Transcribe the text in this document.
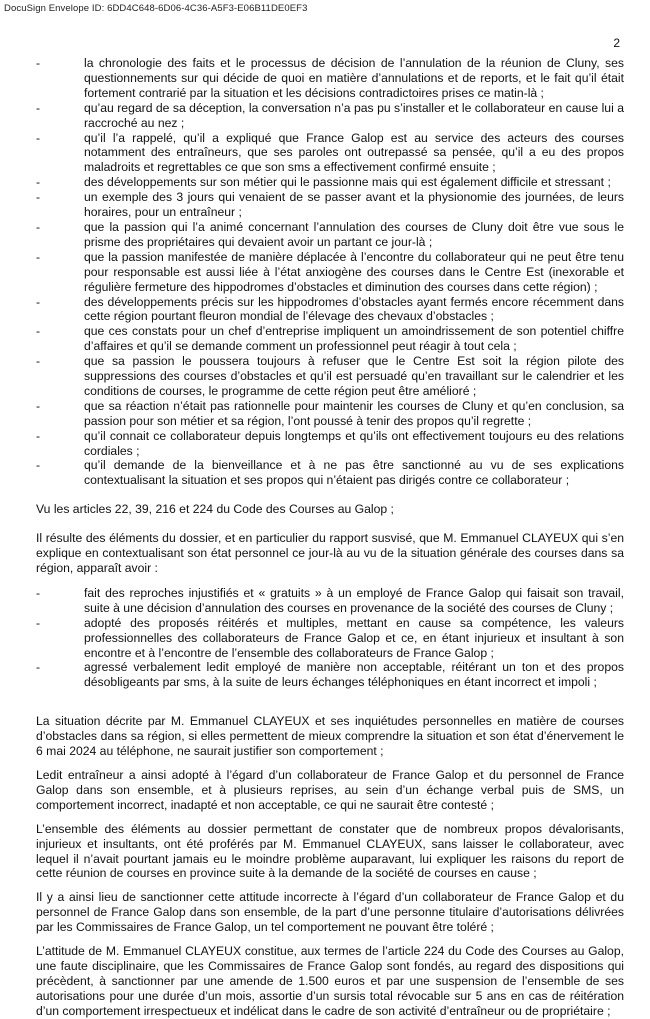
DocuSign Envelope ID: 6DD4C648-6D06-4C36-A5F3-E06B11DE0EF3
2
-	la chronologie des faits et le processus de décision de l’annulation de la réunion de Cluny, ses questionnements sur qui décide de quoi en matière d’annulations et de reports, et le fait qu’il était fortement contrarié par la situation et les décisions contradictoires prises ce matin-là ;
-	qu’au regard de sa déception, la conversation n’a pas pu s’installer et le collaborateur en cause lui a raccroché au nez ;
-	qu’il l’a rappelé, qu’il a expliqué que France Galop est au service des acteurs des courses notamment des entraîneurs, que ses paroles ont outrepassé sa pensée, qu’il a eu des propos maladroits et regrettables ce que son sms a effectivement confirmé ensuite ;
-	des développements sur son métier qui le passionne mais qui est également difficile et stressant ;
-	un exemple des 3 jours qui venaient de se passer avant et la physionomie des journées, de leurs horaires, pour un entraîneur ;
-	que la passion qui l’a animé concernant l’annulation des courses de Cluny doit être vue sous le prisme des propriétaires qui devaient avoir un partant ce jour-là ;
-	que la passion manifestée de manière déplacée à l’encontre du collaborateur qui ne peut être tenu pour responsable est aussi liée à l’état anxiogène des courses dans le Centre Est (inexorable et régulière fermeture des hippodromes d’obstacles et diminution des courses dans cette région) ;
-	des développements précis sur les hippodromes d’obstacles ayant fermés encore récemment dans cette région pourtant fleuron mondial de l’élevage des chevaux d’obstacles ;
-	que ces constats pour un chef d’entreprise impliquent un amoindrissement de son potentiel chiffre d’affaires et qu’il se demande comment un professionnel peut réagir à tout cela ;
-	que sa passion le poussera toujours à refuser que le Centre Est soit la région pilote des suppressions des courses d’obstacles et qu’il est persuadé qu’en travaillant sur le calendrier et les conditions de courses, le programme de cette région peut être amélioré ;
-	que sa réaction n’était pas rationnelle pour maintenir les courses de Cluny et qu’en conclusion, sa passion pour son métier et sa région, l’ont poussé à tenir des propos qu’il regrette ;
-	qu’il connait ce collaborateur depuis longtemps et qu’ils ont effectivement toujours eu des relations cordiales ;
-	qu’il demande de la bienveillance et à ne pas être sanctionné au vu de ses explications contextualisant la situation et ses propos qui n’étaient pas dirigés contre ce collaborateur ;

Vu les articles 22, 39, 216 et 224 du Code des Courses au Galop ;

Il résulte des éléments du dossier, et en particulier du rapport susvisé, que M. Emmanuel CLAYEUX qui s’en explique en contextualisant son état personnel ce jour-là au vu de la situation générale des courses dans sa région, apparaît avoir :

-	fait des reproches injustifiés et « gratuits » à un employé de France Galop qui faisait son travail, suite à une décision d’annulation des courses en provenance de la société des courses de Cluny ;
-	adopté des proposés réitérés et multiples, mettant en cause sa compétence, les valeurs professionnelles des collaborateurs de France Galop et ce, en étant injurieux et insultant à son encontre et à l’encontre de l’ensemble des collaborateurs de France Galop ;
-	agressé verbalement ledit employé de manière non acceptable, réitérant un ton et des propos désobligeants par sms, à la suite de leurs échanges téléphoniques en étant incorrect et impoli ;

La situation décrite par M. Emmanuel CLAYEUX et ses inquiétudes personnelles en matière de courses d’obstacles dans sa région, si elles permettent de mieux comprendre la situation et son état d’énervement le 6 mai 2024 au téléphone, ne saurait justifier son comportement ;

Ledit entraîneur a ainsi adopté à l’égard d’un collaborateur de France Galop et du personnel de France Galop dans son ensemble, et à plusieurs reprises, au sein d’un échange verbal puis de SMS, un comportement incorrect, inadapté et non acceptable, ce qui ne saurait être contesté ;

L’ensemble des éléments au dossier permettant de constater que de nombreux propos dévalorisants, injurieux et insultants, ont été proférés par M. Emmanuel CLAYEUX, sans laisser le collaborateur, avec lequel il n’avait pourtant jamais eu le moindre problème auparavant, lui expliquer les raisons du report de cette réunion de courses en province suite à la demande de la société de courses en cause ;

Il y a ainsi lieu de sanctionner cette attitude incorrecte à l’égard d’un collaborateur de France Galop et du personnel de France Galop dans son ensemble, de la part d’une personne titulaire d’autorisations délivrées par les Commissaires de France Galop, un tel comportement ne pouvant être toléré ;

L’attitude de M. Emmanuel CLAYEUX constitue, aux termes de l’article 224 du Code des Courses au Galop, une faute disciplinaire, que les Commissaires de France Galop sont fondés, au regard des dispositions qui précèdent, à sanctionner par une amende de 1.500 euros et par une suspension de l’ensemble de ses autorisations pour une durée d’un mois, assortie d’un sursis total révocable sur 5 ans en cas de réitération d’un comportement irrespectueux et indélicat dans le cadre de son activité d’entraîneur ou de propriétaire ;
